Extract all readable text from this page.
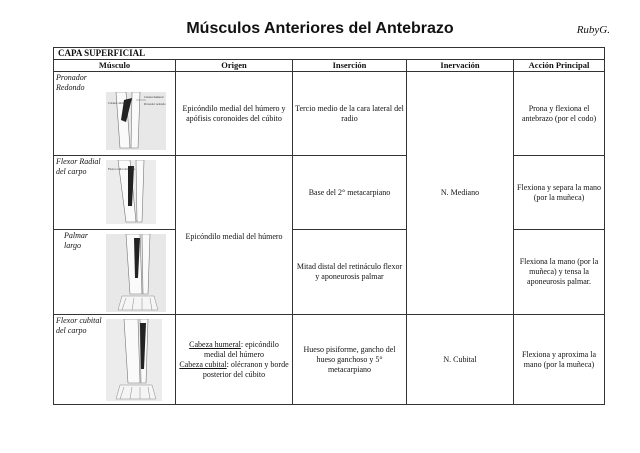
Músculos Anteriores del Antebrazo	RubyG.
CAPA SUPERFICIAL				
Músculo	Origen	Inserción	Inervación	Acción Principal

Pronador Redondo
Cabeza cubital
Cabeza humeral
Pronador redondo	Epicóndilo medial del húmero y apófisis coronoides del cúbito	Tercio medio de la cara lateral del radio	N. Mediano	Prona y flexiona el antebrazo (por el codo)

Flexor Radial del carpo Flexor radial del carpo	Epicóndilo medial del húmero	Base del 2° metacarpiano		Flexiona y separa la mano (por la muñeca)

Palmar largo		Mitad distal del retináculo flexor y aponeurosis palmar		Flexiona la mano (por la muñeca) y tensa la aponeurosis palmar.

Flexor cubital del carpo	Cabeza humeral: epicóndilo medial del húmero
Cabeza cubital: olécranon y borde posterior del cúbito	Hueso pisiforme, gancho del hueso ganchoso y 5° metacarpiano	N. Cubital	Flexiona y aproxima la mano (por la muñeca)
